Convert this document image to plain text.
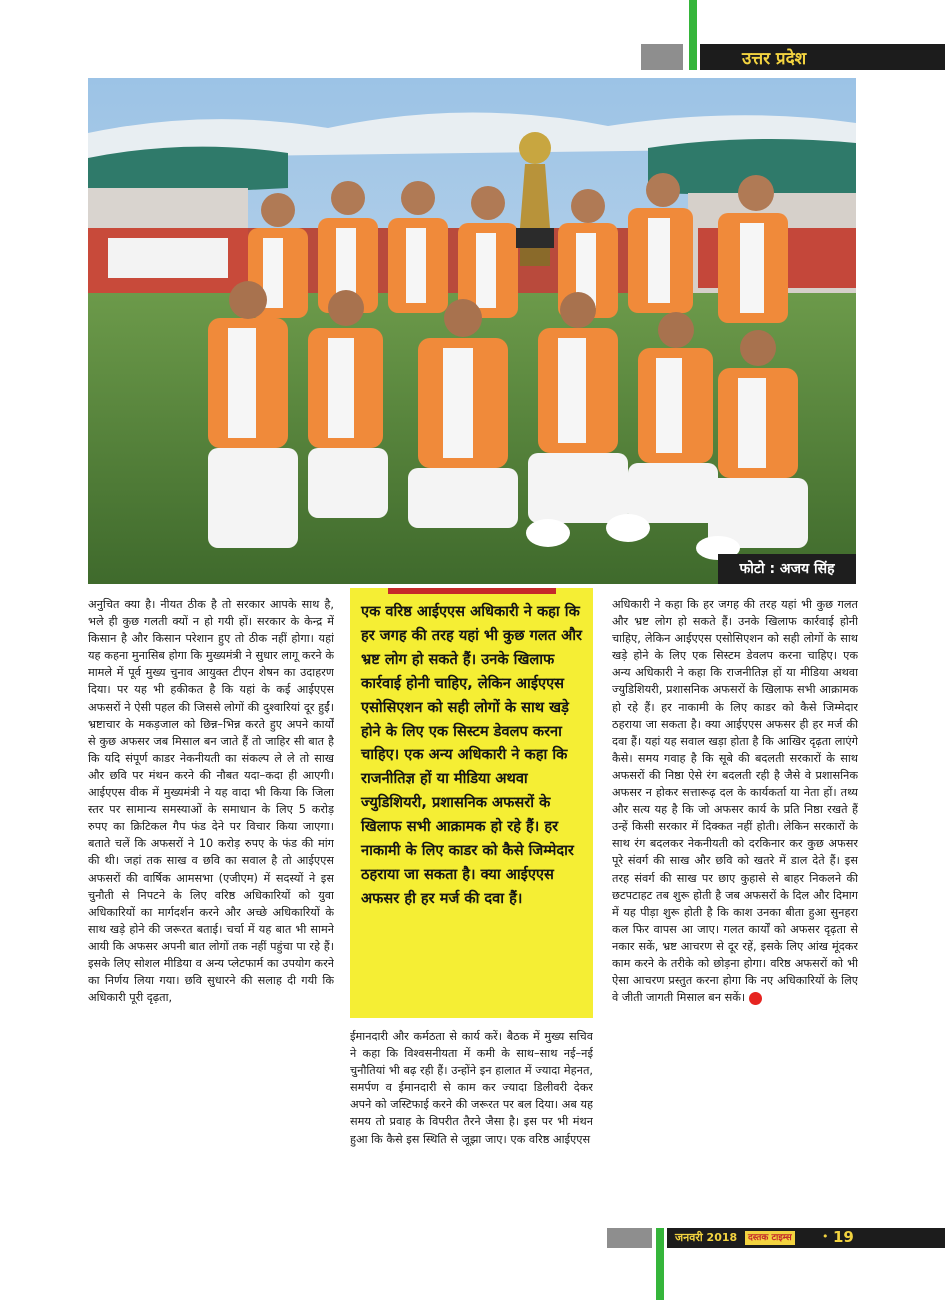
उत्तर प्रदेश
फोटो : अजय सिंह

अनुचित क्या है। नीयत ठीक है तो सरकार आपके साथ है, भले ही कुछ गलती क्यों न हो गयी हों। सरकार के केन्द्र में किसान है और किसान परेशान हुए तो ठीक नहीं होगा। यहां यह कहना मुनासिब होगा कि मुख्यमंत्री ने सुधार लागू करने के मामले में पूर्व मुख्य चुनाव आयुक्त टीएन शेषन का उदाहरण दिया। पर यह भी हकीकत है कि यहां के कई आईएएस अफसरों ने ऐसी पहल की जिससे लोगों की दुश्वारियां दूर हुईं। भ्रष्टाचार के मकड़जाल को छिन्न–भिन्न करते हुए अपने कार्यों से कुछ अफसर जब मिसाल बन जाते हैं तो जाहिर सी बात है कि यदि संपूर्ण काडर नेकनीयती का संकल्प ले ले तो साख और छवि पर मंथन करने की नौबत यदा–कदा ही आएगी। आईएएस वीक में मुख्यमंत्री ने यह वादा भी किया कि जिला स्तर पर सामान्य समस्याओं के समाधान के लिए 5 करोड़ रुपए का क्रिटिकल गैप फंड देने पर विचार किया जाएगा। बताते चलें कि अफसरों ने 10 करोड़ रुपए के फंड की मांग की थी। जहां तक साख व छवि का सवाल है तो आईएएस अफसरों की वार्षिक आमसभा (एजीएम) में सदस्यों ने इस चुनौती से निपटने के लिए वरिष्ठ अधिकारियों को युवा अधिकारियों का मार्गदर्शन करने और अच्छे अधिकारियों के साथ खड़े होने की जरूरत बताई। चर्चा में यह बात भी सामने आयी कि अफसर अपनी बात लोगों तक नहीं पहुंचा पा रहे हैं। इसके लिए सोशल मीडिया व अन्य प्लेटफार्म का उपयोग करने का निर्णय लिया गया। छवि सुधारने की सलाह दी गयी कि अधिकारी पूरी दृढ़ता,

एक वरिष्ठ आईएएस अधिकारी ने कहा कि हर जगह की तरह यहां भी कुछ गलत और भ्रष्ट लोग हो सकते हैं। उनके खिलाफ कार्रवाई होनी चाहिए, लेकिन आईएएस एसोसिएशन को सही लोगों के साथ खड़े होने के लिए एक सिस्टम डेवलप करना चाहिए। एक अन्य अधिकारी ने कहा कि राजनीतिज्ञ हों या मीडिया अथवा ज्युडिशियरी, प्रशासनिक अफसरों के खिलाफ सभी आक्रामक हो रहे हैं। हर नाकामी के लिए काडर को कैसे जिम्मेदार ठहराया जा सकता है। क्या आईएएस अफसर ही हर मर्ज की दवा हैं।

ईमानदारी और कर्मठता से कार्य करें। बैठक में मुख्य सचिव ने कहा कि विश्वसनीयता में कमी के साथ–साथ नई–नई चुनौतियां भी बढ़ रही हैं। उन्होंने इन हालात में ज्यादा मेहनत, समर्पण व ईमानदारी से काम कर ज्यादा डिलीवरी देकर अपने को जस्टिफाई करने की जरूरत पर बल दिया। अब यह समय तो प्रवाह के विपरीत तैरने जैसा है। इस पर भी मंथन हुआ कि कैसे इस स्थिति से जूझा जाए। एक वरिष्ठ आईएएस

अधिकारी ने कहा कि हर जगह की तरह यहां भी कुछ गलत और भ्रष्ट लोग हो सकते हैं। उनके खिलाफ कार्रवाई होनी चाहिए, लेकिन आईएएस एसोसिएशन को सही लोगों के साथ खड़े होने के लिए एक सिस्टम डेवलप करना चाहिए। एक अन्य अधिकारी ने कहा कि राजनीतिज्ञ हों या मीडिया अथवा ज्युडिशियरी, प्रशासनिक अफसरों के खिलाफ सभी आक्रामक हो रहे हैं। हर नाकामी के लिए काडर को कैसे जिम्मेदार ठहराया जा सकता है। क्या आईएएस अफसर ही हर मर्ज की दवा हैं। यहां यह सवाल खड़ा होता है कि आखिर दृढ़ता लाएंगे कैसे। समय गवाह है कि सूबे की बदलती सरकारों के साथ अफसरों की निष्ठा ऐसे रंग बदलती रही है जैसे वे प्रशासनिक अफसर न होकर सत्तारूढ़ दल के कार्यकर्ता या नेता हों। तथ्य और सत्य यह है कि जो अफसर कार्य के प्रति निष्ठा रखते हैं उन्हें किसी सरकार में दिक्कत नहीं होती। लेकिन सरकारों के साथ रंग बदलकर नेकनीयती को दरकिनार कर कुछ अफसर पूरे संवर्ग की साख और छवि को खतरे में डाल देते हैं। इस तरह संवर्ग की साख पर छाए कुहासे से बाहर निकलने की छटपटाहट तब शुरू होती है जब अफसरों के दिल और दिमाग में यह पीड़ा शुरू होती है कि काश उनका बीता हुआ सुनहरा कल फिर वापस आ जाए। गलत कार्यों को अफसर दृढ़ता से नकार सकें, भ्रष्ट आचरण से दूर रहें, इसके लिए आंख मूंदकर काम करने के तरीके को छोड़ना होगा। वरिष्ठ अफसरों को भी ऐसा आचरण प्रस्तुत करना होगा कि नए अधिकारियों के लिए वे जीती जागती मिसाल बन सकें।

जनवरी 2018	दस्तक टाइम्स	• 19
